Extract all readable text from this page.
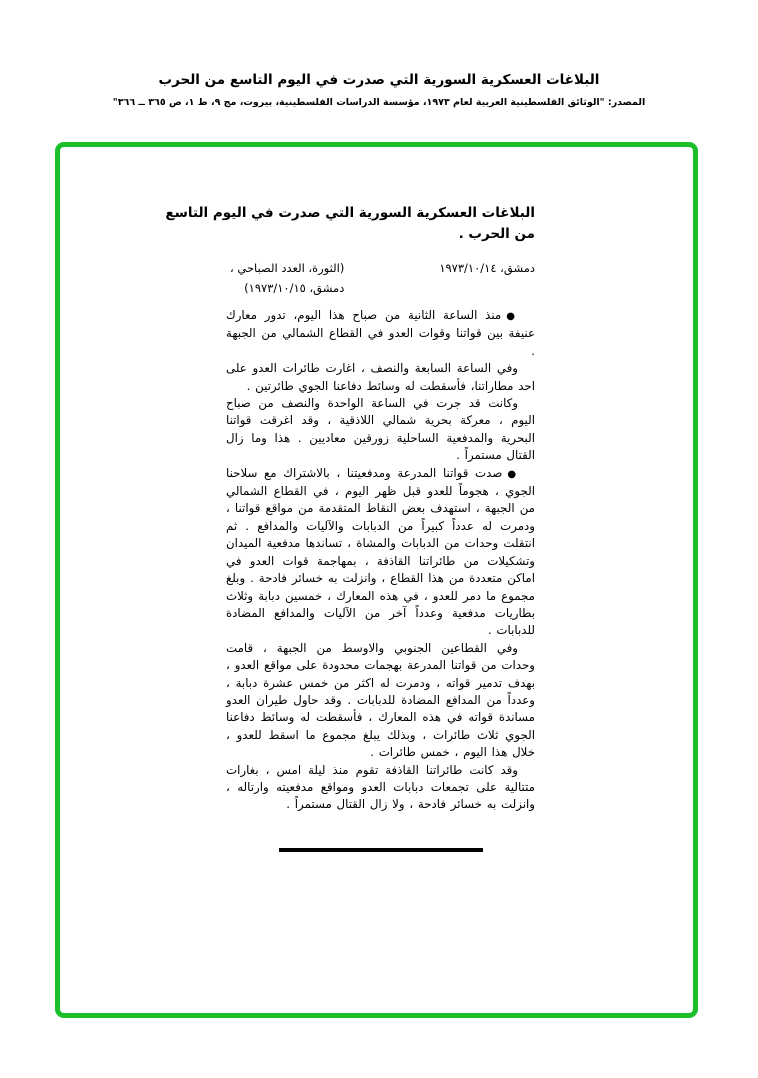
البلاغات العسكرية السورية التي صدرت في اليوم التاسع من الحرب
المصدر: "الوثائق الفلسطينية العربية لعام ١٩٧٣، مؤسسة الدراسات الفلسطينية، بيروت، مج ٩، ط ١، ص ٣٦٥ ــ ٣٦٦"
البلاغات العسكرية السورية التي صدرت في اليوم التاسع
من الحرب .
دمشق، ١٩٧٣/١٠/١٤
(الثورة، العدد الصباحي ،
دمشق، ١٩٧٣/١٠/١٥)

●منذ الساعة الثانية من صباح هذا اليوم، تدور معارك عنيفة بين قواتنا وقوات العدو في القطاع الشمالي من الجبهة .

وفي الساعة السابعة والنصف ، اغارت طائرات العدو على احد مطاراتنا، فأسقطت له وسائط دفاعنا الجوي طائرتين .

وكانت قد جرت في الساعة الواحدة والنصف من صباح اليوم ، معركة بحرية شمالي اللاذقية ، وقد اغرقت قواتنا البحرية والمدفعية الساحلية زورقين معاديين . هذا وما زال القتال مستمراً .

●صدت قواتنا المدرعة ومدفعيتنا ، بالاشتراك مع سلاحنا الجوي ، هجوماً للعدو قبل ظهر اليوم ، في القطاع الشمالي من الجبهة ، استهدف بعض النقاط المتقدمة من مواقع قواتنا ، ودمرت له عدداً كبيراً من الدبابات والآليات والمدافع . ثم انتقلت وحدات من الدبابات والمشاة ، تساندها مدفعية الميدان وتشكيلات من طائراتنا القاذفة ، بمهاجمة قوات العدو في اماكن متعددة من هذا القطاع ، وانزلت به خسائر فادحة . وبلغ مجموع ما دمر للعدو ، في هذه المعارك ، خمسين دبابة وثلاث بطاريات مدفعية وعدداً آخر من الآليات والمدافع المضادة للدبابات .

وفي القطاعين الجنوبي والاوسط من الجبهة ، قامت وحدات من قواتنا المدرعة بهجمات محدودة على مواقع العدو ، بهدف تدمير قواته ، ودمرت له اكثر من خمس عشرة دبابة ، وعدداً من المدافع المضادة للدبابات . وقد حاول طيران العدو مساندة قواته في هذه المعارك ، فأسقطت له وسائط دفاعنا الجوي ثلاث طائرات ، وبذلك يبلغ مجموع ما اسقط للعدو ، خلال هذا اليوم ، خمس طائرات .

وقد كانت طائراتنا القاذفة تقوم منذ ليلة امس ، بغارات متتالية على تجمعات دبابات العدو ومواقع مدفعيته وارتاله ، وانزلت به خسائر فادحة ، ولا زال القتال مستمراً .
